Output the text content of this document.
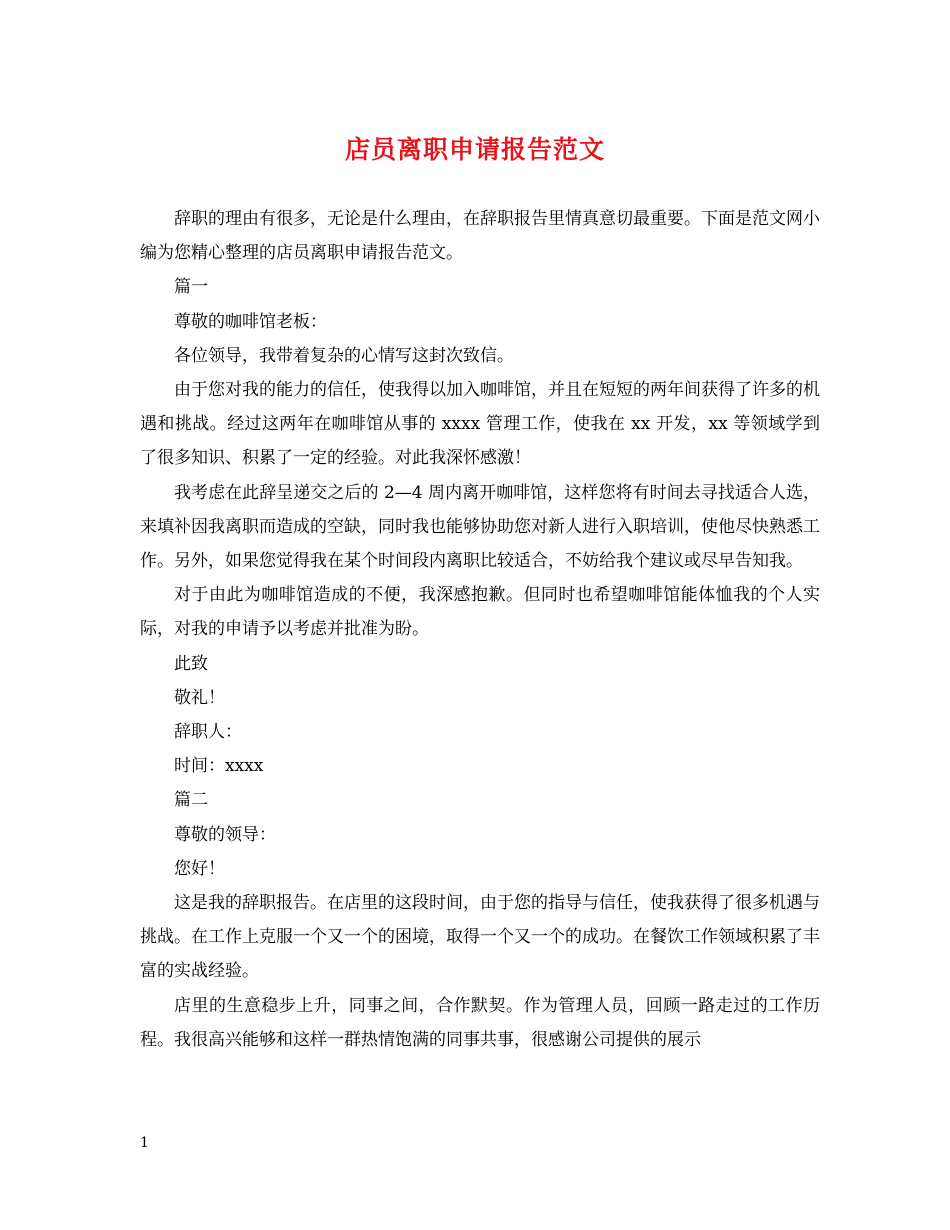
店员离职申请报告范文

辞职的理由有很多，无论是什么理由，在辞职报告里情真意切最重要。下面是范文网小编为您精心整理的店员离职申请报告范文。

篇一

尊敬的咖啡馆老板：

各位领导，我带着复杂的心情写这封次致信。

由于您对我的能力的信任，使我得以加入咖啡馆，并且在短短的两年间获得了许多的机遇和挑战。经过这两年在咖啡馆从事的 xxxx 管理工作，使我在 xx 开发，xx 等领域学到了很多知识、积累了一定的经验。对此我深怀感激！

我考虑在此辞呈递交之后的 2—4 周内离开咖啡馆，这样您将有时间去寻找适合人选，来填补因我离职而造成的空缺，同时我也能够协助您对新人进行入职培训，使他尽快熟悉工作。另外，如果您觉得我在某个时间段内离职比较适合，不妨给我个建议或尽早告知我。

对于由此为咖啡馆造成的不便，我深感抱歉。但同时也希望咖啡馆能体恤我的个人实际，对我的申请予以考虑并批准为盼。

此致

敬礼！

辞职人：

时间：xxxx

篇二

尊敬的领导：

您好！

这是我的辞职报告。在店里的这段时间，由于您的指导与信任，使我获得了很多机遇与挑战。在工作上克服一个又一个的困境，取得一个又一个的成功。在餐饮工作领域积累了丰富的实战经验。

店里的生意稳步上升，同事之间，合作默契。作为管理人员，回顾一路走过的工作历程。我很高兴能够和这样一群热情饱满的同事共事，很感谢公司提供的展示

1
